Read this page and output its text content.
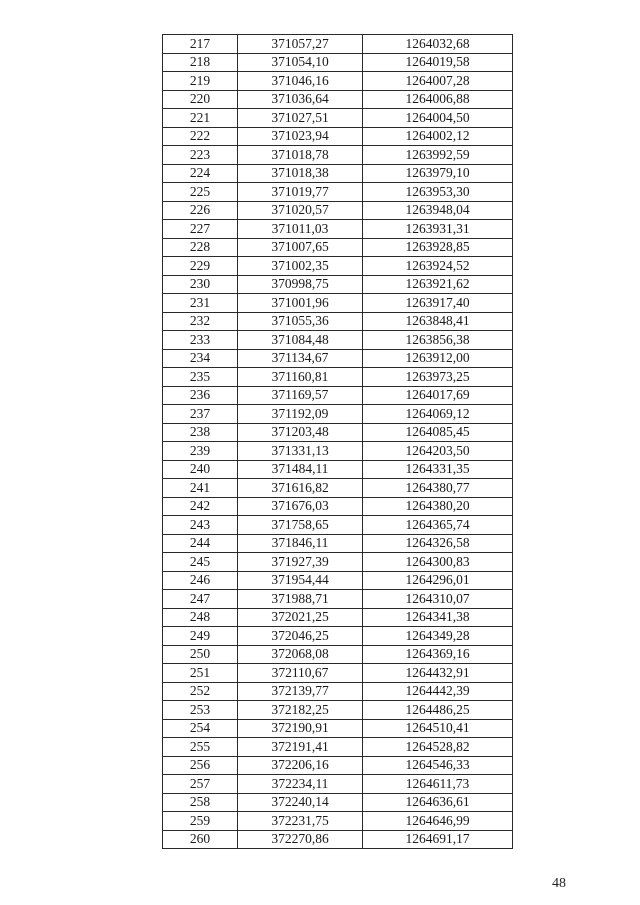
217	371057,27	1264032,68
218	371054,10	1264019,58
219	371046,16	1264007,28
220	371036,64	1264006,88
221	371027,51	1264004,50
222	371023,94	1264002,12
223	371018,78	1263992,59
224	371018,38	1263979,10
225	371019,77	1263953,30
226	371020,57	1263948,04
227	371011,03	1263931,31
228	371007,65	1263928,85
229	371002,35	1263924,52
230	370998,75	1263921,62
231	371001,96	1263917,40
232	371055,36	1263848,41
233	371084,48	1263856,38
234	371134,67	1263912,00
235	371160,81	1263973,25
236	371169,57	1264017,69
237	371192,09	1264069,12
238	371203,48	1264085,45
239	371331,13	1264203,50
240	371484,11	1264331,35
241	371616,82	1264380,77
242	371676,03	1264380,20
243	371758,65	1264365,74
244	371846,11	1264326,58
245	371927,39	1264300,83
246	371954,44	1264296,01
247	371988,71	1264310,07
248	372021,25	1264341,38
249	372046,25	1264349,28
250	372068,08	1264369,16
251	372110,67	1264432,91
252	372139,77	1264442,39
253	372182,25	1264486,25
254	372190,91	1264510,41
255	372191,41	1264528,82
256	372206,16	1264546,33
257	372234,11	1264611,73
258	372240,14	1264636,61
259	372231,75	1264646,99
260	372270,86	1264691,17
48
